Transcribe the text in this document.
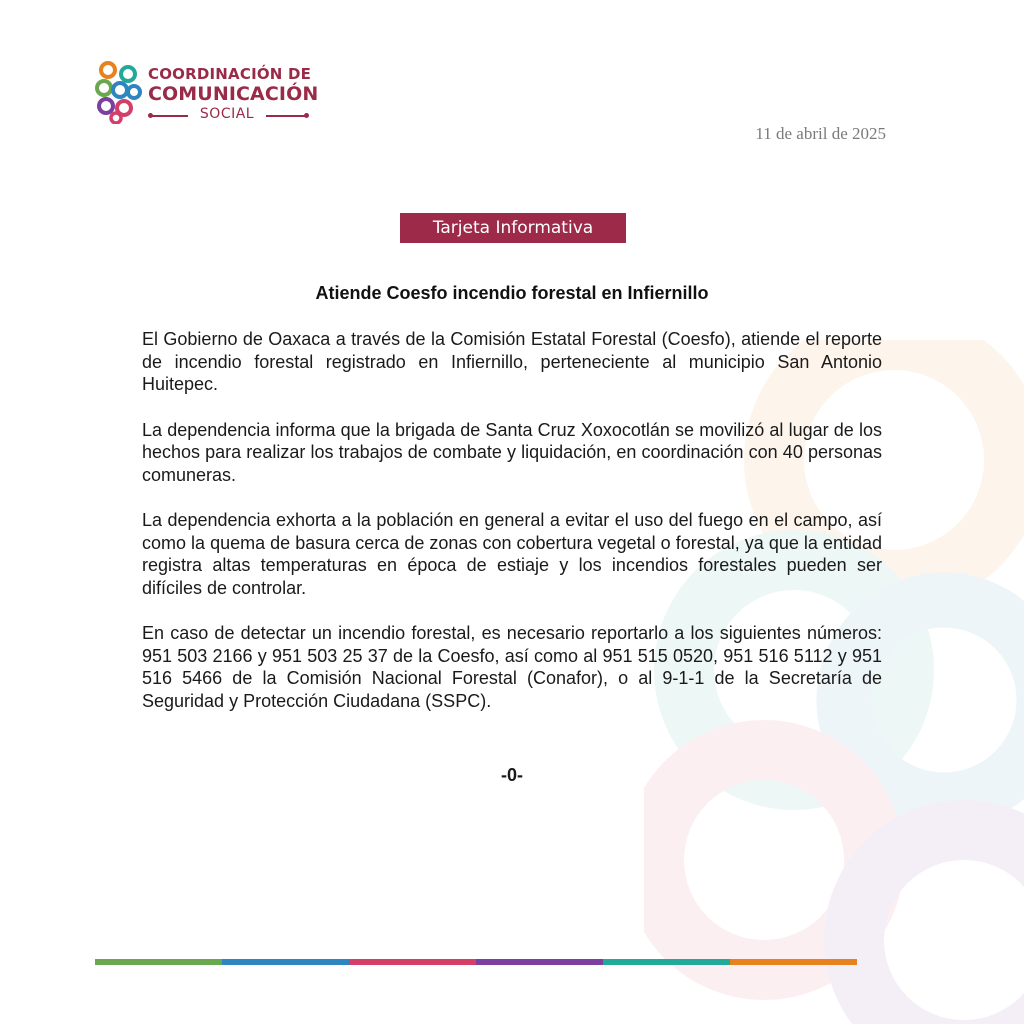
COORDINACIÓN DE
COMUNICACIÓN
SOCIAL
11 de abril de 2025
Tarjeta Informativa
Atiende Coesfo incendio forestal en Infiernillo

El Gobierno de Oaxaca a través de la Comisión Estatal Forestal (Coesfo), atiende el reporte de incendio forestal registrado en Infiernillo, perteneciente al municipio San Antonio Huitepec.

La dependencia informa que la brigada de Santa Cruz Xoxocotlán se movilizó al lugar de los hechos para realizar los trabajos de combate y liquidación, en coordinación con 40 personas comuneras.

La dependencia exhorta a la población en general a evitar el uso del fuego en el campo, así como la quema de basura cerca de zonas con cobertura vegetal o forestal, ya que la entidad registra altas temperaturas en época de estiaje y los incendios forestales pueden ser difíciles de controlar.

En caso de detectar un incendio forestal, es necesario reportarlo a los siguientes números: 951 503 2166 y 951 503 25 37 de la Coesfo, así como al 951 515 0520, 951 516 5112 y 951 516 5466 de la Comisión Nacional Forestal (Conafor), o al 9-1-1 de la Secretaría de Seguridad y Protección Ciudadana (SSPC).

-0-
